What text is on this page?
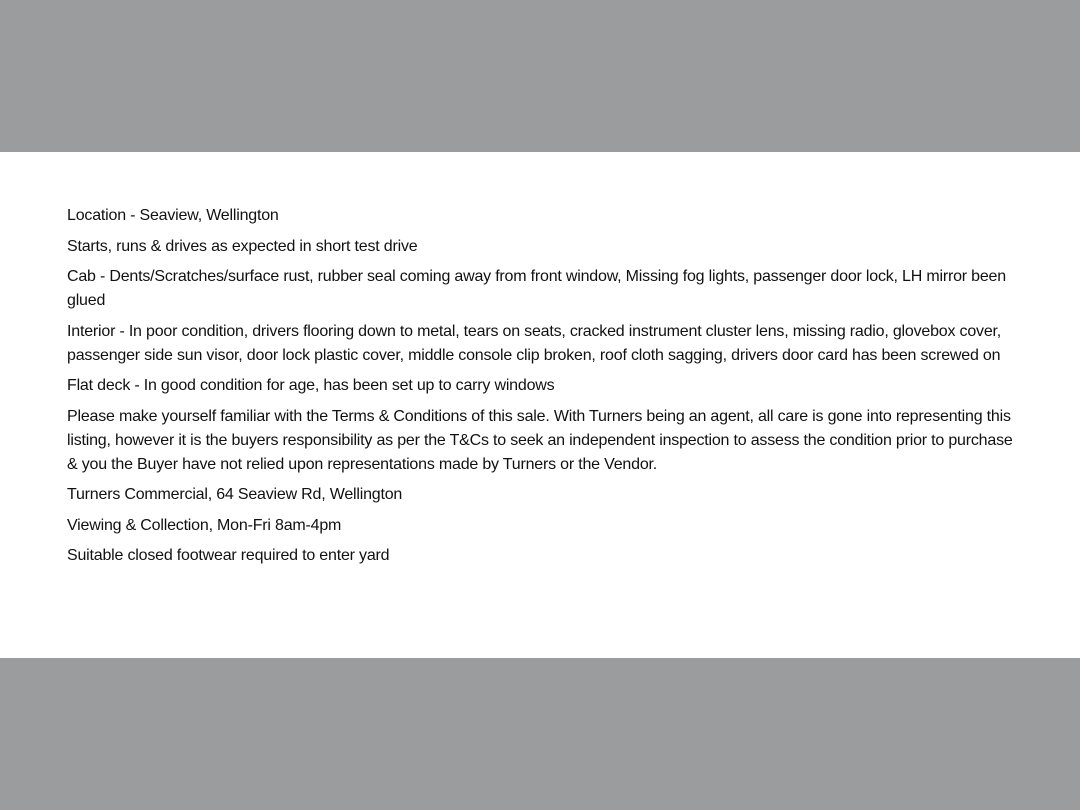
Location - Seaview, Wellington

Starts, runs & drives as expected in short test drive

Cab - Dents/Scratches/surface rust, rubber seal coming away from front window, Missing fog lights, passenger door lock, LH mirror been glued

Interior - In poor condition, drivers flooring down to metal, tears on seats, cracked instrument cluster lens, missing radio, glovebox cover, passenger side sun visor, door lock plastic cover, middle console clip broken, roof cloth sagging, drivers door card has been screwed on

Flat deck - In good condition for age, has been set up to carry windows

Please make yourself familiar with the Terms & Conditions of this sale. With Turners being an agent, all care is gone into representing this listing, however it is the buyers responsibility as per the T&Cs to seek an independent inspection to assess the condition prior to purchase & you the Buyer have not relied upon representations made by Turners or the Vendor.

Turners Commercial, 64 Seaview Rd, Wellington

Viewing & Collection, Mon-Fri 8am-4pm

Suitable closed footwear required to enter yard
